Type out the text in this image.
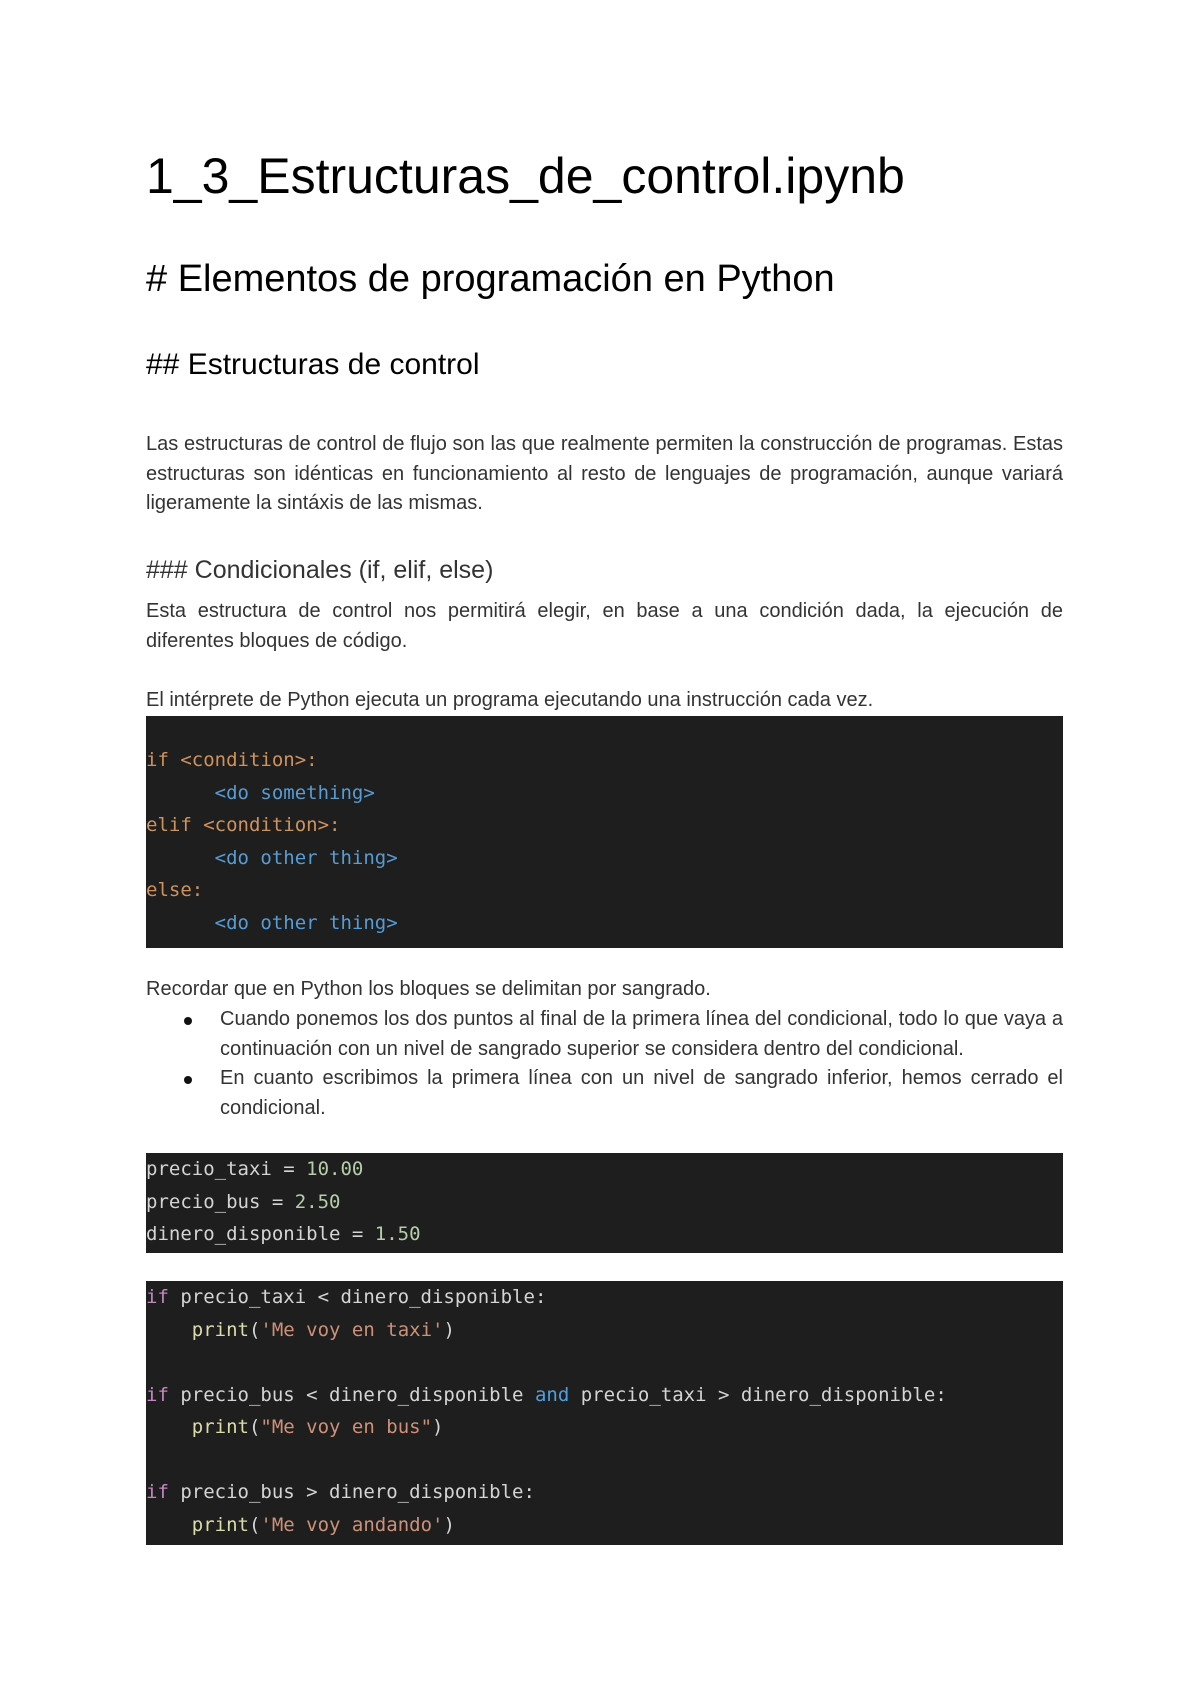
1_3_Estructuras_de_control.ipynb
# Elementos de programación en Python
## Estructuras de control

Las estructuras de control de flujo son las que realmente permiten la construcción de programas. Estas estructuras son idénticas en funcionamiento al resto de lenguajes de programación, aunque variará ligeramente la sintáxis de las mismas.

### Condicionales (if, elif, else)

Esta estructura de control nos permitirá elegir, en base a una condición dada, la ejecución de diferentes bloques de código.

El intérprete de Python ejecuta un programa ejecutando una instrucción cada vez.

if <condition>:
<do something>
elif <condition>:
<do other thing>
else:
<do other thing>

Recordar que en Python los bloques se delimitan por sangrado.

Cuando ponemos los dos puntos al final de la primera línea del condicional, todo lo que vaya a continuación con un nivel de sangrado superior se considera dentro del condicional.
En cuanto escribimos la primera línea con un nivel de sangrado inferior, hemos cerrado el condicional.
precio_taxi = 10.00
precio_bus = 2.50
dinero_disponible = 1.50
if precio_taxi < dinero_disponible:
print('Me voy en taxi')
if precio_bus < dinero_disponible and precio_taxi > dinero_disponible:
print("Me voy en bus")
if precio_bus > dinero_disponible:
print('Me voy andando')
